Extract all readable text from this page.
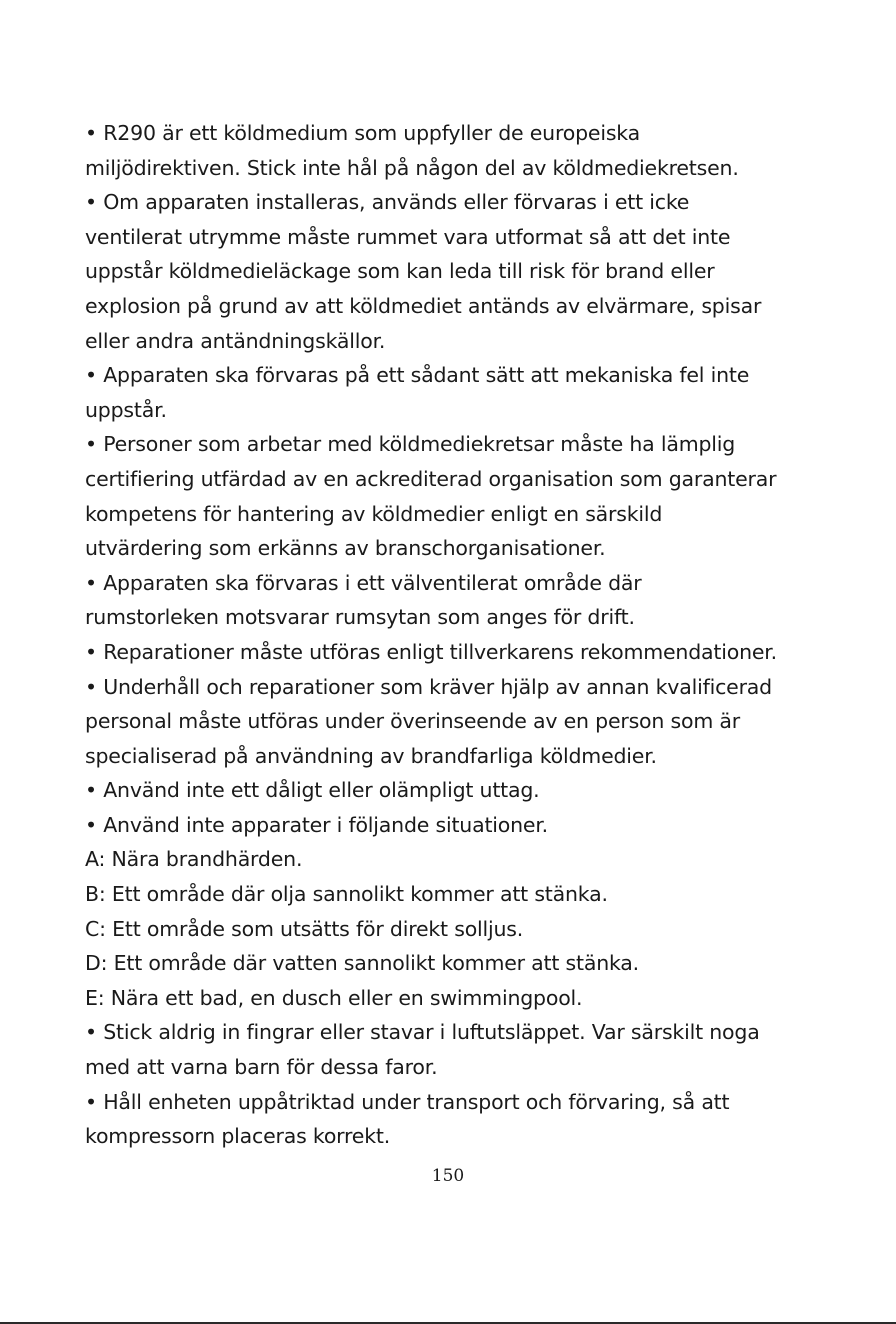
• R290 är ett köldmedium som uppfyller de europeiska
miljödirektiven. Stick inte hål på någon del av köldmediekretsen.
• Om apparaten installeras, används eller förvaras i ett icke
ventilerat utrymme måste rummet vara utformat så att det inte
uppstår köldmedieläckage som kan leda till risk för brand eller
explosion på grund av att köldmediet antänds av elvärmare, spisar
eller andra antändningskällor.
• Apparaten ska förvaras på ett sådant sätt att mekaniska fel inte
uppstår.
• Personer som arbetar med köldmediekretsar måste ha lämplig
certifiering utfärdad av en ackrediterad organisation som garanterar
kompetens för hantering av köldmedier enligt en särskild
utvärdering som erkänns av branschorganisationer.
• Apparaten ska förvaras i ett välventilerat område där
rumstorleken motsvarar rumsytan som anges för drift.
• Reparationer måste utföras enligt tillverkarens rekommendationer.
• Underhåll och reparationer som kräver hjälp av annan kvalificerad
personal måste utföras under överinseende av en person som är
specialiserad på användning av brandfarliga köldmedier.
• Använd inte ett dåligt eller olämpligt uttag.
• Använd inte apparater i följande situationer.
A: Nära brandhärden.
B: Ett område där olja sannolikt kommer att stänka.
C: Ett område som utsätts för direkt solljus.
D: Ett område där vatten sannolikt kommer att stänka.
E: Nära ett bad, en dusch eller en swimmingpool.
• Stick aldrig in fingrar eller stavar i luftutsläppet. Var särskilt noga
med att varna barn för dessa faror.
• Håll enheten uppåtriktad under transport och förvaring, så att
kompressorn placeras korrekt.
150
